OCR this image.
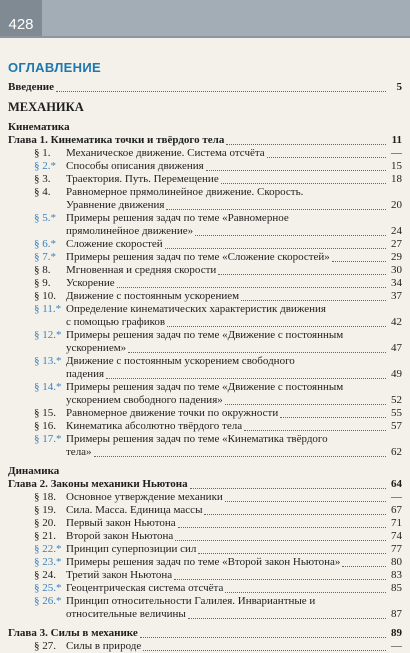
428
ОГЛАВЛЕНИЕ
Введение	5
МЕХАНИКА
Кинематика
Глава 1. Кинематика точки и твёрдого тела	11
§ 1.	Механическое движение. Система отсчёта	—
§ 2.* Способы описания движения	15
§ 3.	Траектория. Путь. Перемещение	18
§ 4.	Равномерное прямолинейное движение. Скорость.
Уравнение движения	20
§ 5.* Примеры решения задач по теме «Равномерное
прямолинейное движение»	24
§ 6.* Сложение скоростей	27
§ 7.* Примеры решения задач по теме «Сложение скоростей»	29
§ 8.	Мгновенная и средняя скорости	30
§ 9.	Ускорение	34
§ 10. Движение с постоянным ускорением	37
§ 11.* Определение кинематических характеристик движения
с помощью графиков	42
§ 12.* Примеры решения задач по теме «Движение с постоянным
ускорением»	47
§ 13.* Движение с постоянным ускорением свободного
падения	49
§ 14.* Примеры решения задач по теме «Движение с постоянным
ускорением свободного падения»	52
§ 15. Равномерное движение точки по окружности	55
§ 16. Кинематика абсолютно твёрдого тела	57
§ 17.* Примеры решения задач по теме «Кинематика твёрдого
тела»	62
Динамика
Глава 2. Законы механики Ньютона	64
§ 18. Основное утверждение механики	—
§ 19. Сила. Масса. Единица массы	67
§ 20. Первый закон Ньютона	71
§ 21. Второй закон Ньютона	74
§ 22.* Принцип суперпозиции сил	77
§ 23.* Примеры решения задач по теме «Второй закон Ньютона»	80
§ 24. Третий закон Ньютона	83
§ 25.* Геоцентрическая система отсчёта	85
§ 26.* Принцип относительности Галилея. Инвариантные и
относительные величины	87
Глава 3. Силы в механике	89
§ 27. Силы в природе	—
